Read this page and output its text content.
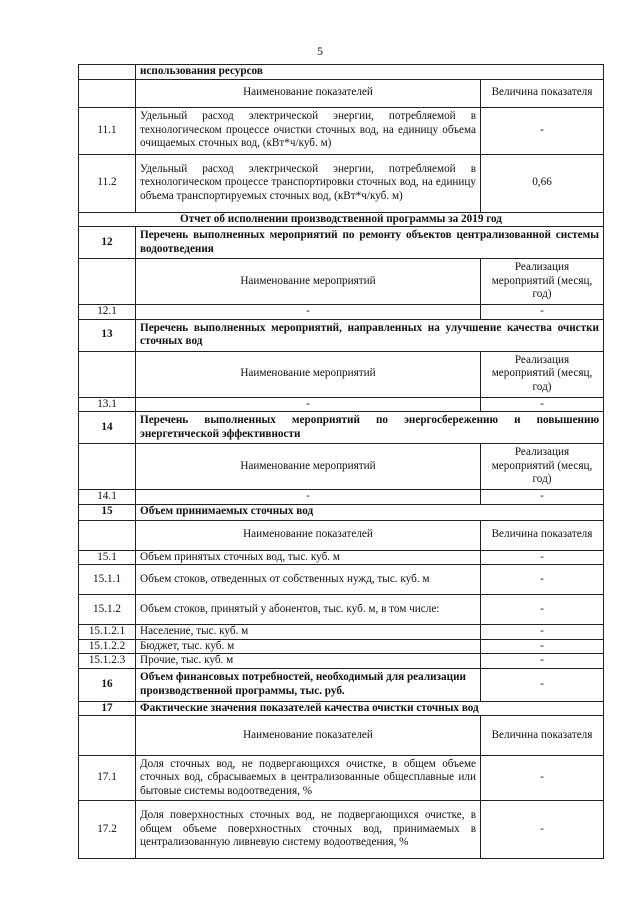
5
	использования ресурсов	
	Наименование показателей	Величина показателя
11.1	Удельный расход электрической энергии, потребляемой в технологическом процессе очистки сточных вод, на единицу объема очищаемых сточных вод, (кВт*ч/куб. м)	-
11.2	Удельный расход электрической энергии, потребляемой в технологическом процессе транспортировки сточных вод, на единицу объема транспортируемых сточных вод, (кВт*ч/куб. м)	0,66
Отчет об исполнении производственной программы за 2019 год		
12	Перечень выполненных мероприятий по ремонту объектов централизованной системы водоотведения	
	Наименование мероприятий	Реализация мероприятий (месяц, год)
12.1	-	-
13	Перечень выполненных мероприятий, направленных на улучшение качества очистки сточных вод	
	Наименование мероприятий	Реализация мероприятий (месяц, год)
13.1	-	-
14	Перечень выполненных мероприятий по энергосбережению и повышению энергетической эффективности	
	Наименование мероприятий	Реализация мероприятий (месяц, год)
14.1	-	-
15	Объем принимаемых сточных вод	
	Наименование показателей	Величина показателя
15.1	Объем принятых сточных вод, тыс. куб. м	-
15.1.1	Объем стоков, отведенных от собственных нужд, тыс. куб. м	-
15.1.2	Объем стоков, принятый у абонентов, тыс. куб. м, в том числе:	-
15.1.2.1	Население, тыс. куб. м	-
15.1.2.2	Бюджет, тыс. куб. м	-
15.1.2.3	Прочие, тыс. куб. м	-
16	Объем финансовых потребностей, необходимый для реализации производственной программы, тыс. руб.	-
17	Фактические значения показателей качества очистки сточных вод	
	Наименование показателей	Величина показателя
17.1	Доля сточных вод, не подвергающихся очистке, в общем объеме сточных вод, сбрасываемых в централизованные общесплавные или бытовые системы водоотведения, %	-
17.2	Доля поверхностных сточных вод, не подвергающихся очистке, в общем объеме поверхностных сточных вод, принимаемых в централизованную ливневую систему водоотведения, %	-
